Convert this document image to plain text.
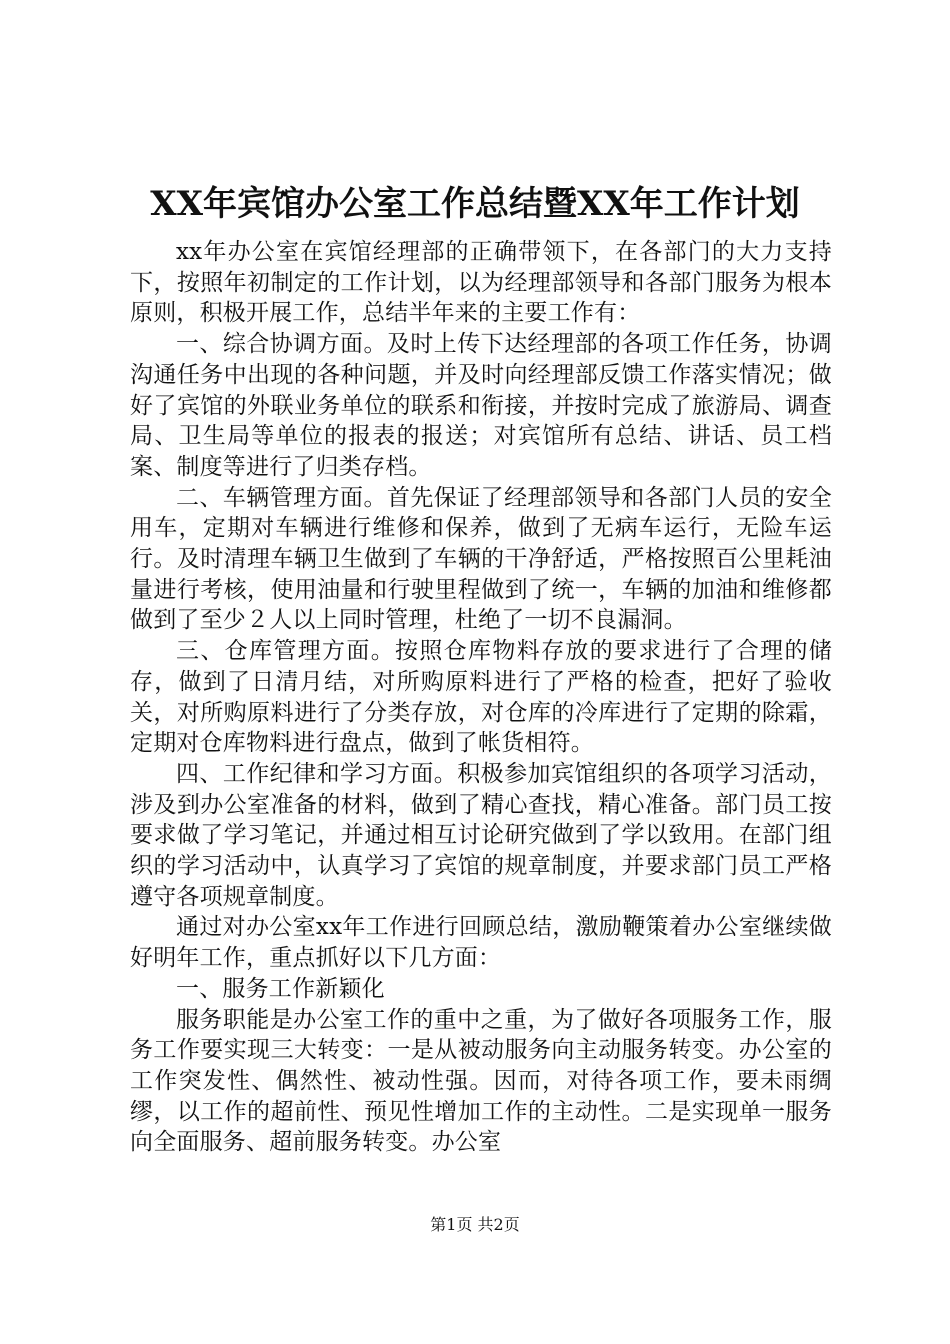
XX年宾馆办公室工作总结暨XX年工作计划

xx年办公室在宾馆经理部的正确带领下，在各部门的大力支持下，按照年初制定的工作计划，以为经理部领导和各部门服务为根本原则，积极开展工作，总结半年来的主要工作有：

一、综合协调方面。及时上传下达经理部的各项工作任务，协调沟通任务中出现的各种问题，并及时向经理部反馈工作落实情况；做好了宾馆的外联业务单位的联系和衔接，并按时完成了旅游局、调查局、卫生局等单位的报表的报送；对宾馆所有总结、讲话、员工档案、制度等进行了归类存档。

二、车辆管理方面。首先保证了经理部领导和各部门人员的安全用车，定期对车辆进行维修和保养，做到了无病车运行，无险车运行。及时清理车辆卫生做到了车辆的干净舒适，严格按照百公里耗油量进行考核，使用油量和行驶里程做到了统一，车辆的加油和维修都做到了至少２人以上同时管理，杜绝了一切不良漏洞。

三、仓库管理方面。按照仓库物料存放的要求进行了合理的储存，做到了日清月结，对所购原料进行了严格的检查，把好了验收关，对所购原料进行了分类存放，对仓库的冷库进行了定期的除霜，定期对仓库物料进行盘点，做到了帐货相符。

四、工作纪律和学习方面。积极参加宾馆组织的各项学习活动，涉及到办公室准备的材料，做到了精心查找，精心准备。部门员工按要求做了学习笔记，并通过相互讨论研究做到了学以致用。在部门组织的学习活动中，认真学习了宾馆的规章制度，并要求部门员工严格遵守各项规章制度。

通过对办公室xx年工作进行回顾总结，激励鞭策着办公室继续做好明年工作，重点抓好以下几方面：

一、服务工作新颖化

服务职能是办公室工作的重中之重，为了做好各项服务工作，服务工作要实现三大转变：一是从被动服务向主动服务转变。办公室的工作突发性、偶然性、被动性强。因而，对待各项工作，要未雨绸缪，以工作的超前性、预见性增加工作的主动性。二是实现单一服务向全面服务、超前服务转变。办公室

第1页 共2页
